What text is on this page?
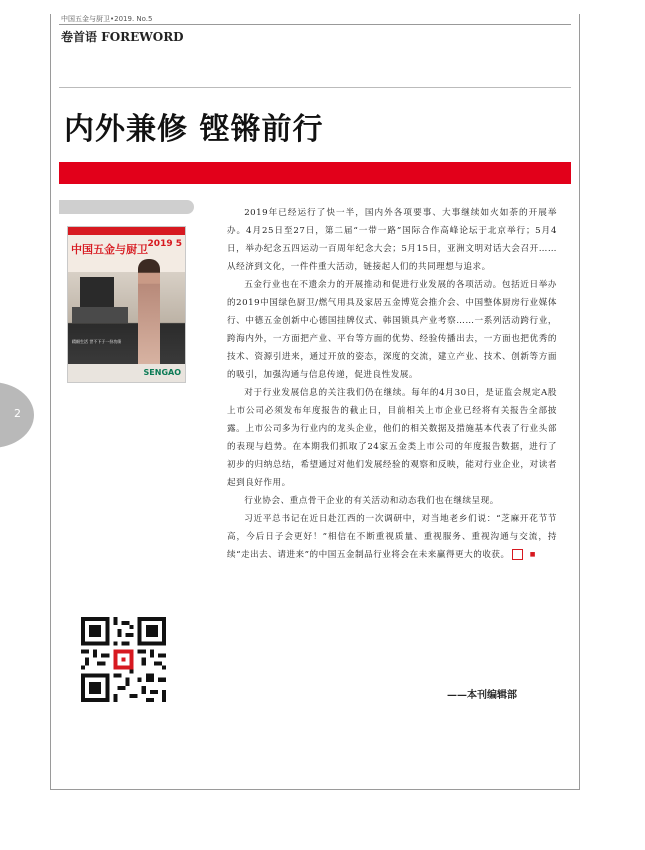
中国五金与厨卫•2019. No.5
卷首语 FOREWORD
内外兼修 铿锵前行
中国五金与厨卫 2019 5
精细生活 世不下于一份功绩
SENGAO

2019年已经运行了快一半，国内外各项要事、大事继续如火如荼的开展举办。4月25日至27日，第二届“一带一路”国际合作高峰论坛于北京举行；5月4日，举办纪念五四运动一百周年纪念大会；5月15日，亚洲文明对话大会召开……从经济到文化，一件件重大活动，链接起人们的共同理想与追求。

五金行业也在不遗余力的开展推动和促进行业发展的各项活动。包括近日举办的2019中国绿色厨卫/燃气用具及家居五金博览会推介会、中国整体厨房行业媒体行、中德五金创新中心德国挂牌仪式、韩国锁具产业考察……一系列活动跨行业，跨海内外，一方面把产业、平台等方面的优势、经验传播出去，一方面也把优秀的技术、资源引进来，通过开放的姿态，深度的交流，建立产业、技术、创新等方面的吸引，加强沟通与信息传递，促进良性发展。

对于行业发展信息的关注我们仍在继续。每年的4月30日，是证监会规定A股上市公司必须发布年度报告的截止日，目前相关上市企业已经将有关报告全部披露。上市公司多为行业内的龙头企业，他们的相关数据及措施基本代表了行业头部的表现与趋势。在本期我们抓取了24家五金类上市公司的年度报告数据，进行了初步的归纳总结，希望通过对他们发展经验的观察和反映，能对行业企业，对读者起到良好作用。

行业协会、重点骨干企业的有关活动和动态我们也在继续呈现。

习近平总书记在近日赴江西的一次调研中，对当地老乡们说：“芝麻开花节节高，今后日子会更好！”相信在不断重视质量、重视服务、重视沟通与交流，持续“走出去、请进来”的中国五金制品行业将会在未来赢得更大的收获。	■

——本刊编辑部
2
